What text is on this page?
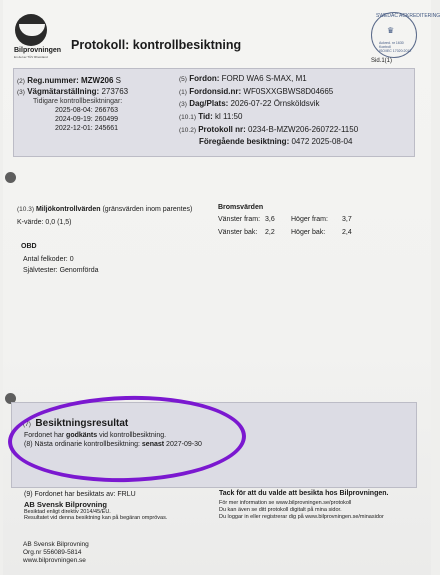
Bilprovningen
En del av TÜV Rheinland
Protokoll: kontrollbesiktning
SWEDAC ACKREDITERING
♛
Ackred. nr 1630
Kontroll
ISO/IEC 17020:2012
Sid.1(1)
(2) Reg.nummer: MZW206 S
(3) Vägmätarställning: 273763
Tidigare kontrollbesiktningar:
2025-08-04: 266763
2024-09-19: 260499
2022-12-01: 245661
(5) Fordon: FORD WA6 S-MAX, M1
(1) Fordonsid.nr: WF0SXXGBWS8D04665
(3) Dag/Plats: 2026-07-22 Örnsköldsvik
(10.1) Tid: kl 11:50
(10.2) Protokoll nr: 0234-B-MZW206-260722-1150
Föregående besiktning: 0472 2025-08-04
(10.3) Miljökontrollvärden (gränsvärden inom parentes)
K-värde: 0,0 (1,5)
Bromsvärden
Vänster fram: 3,6 Höger fram: 3,7
Vänster bak: 2,2 Höger bak: 2,4
OBD
Antal felkoder: 0
Självtester: Genomförda
(7) Besiktningsresultat
Fordonet har godkänts vid kontrollbesiktning.
(8) Nästa ordinarie kontrollbesiktning: senast 2027-09-30
(9) Fordonet har besiktats av: FRLU
AB Svensk Bilprovning
Besiktad enligt direktiv 2014/45/EU.
Resultatet vid denna besiktning kan på begäran omprövas.
Tack för att du valde att besikta hos Bilprovningen.
För mer information se www.bilprovningen.se/protokoll
Du kan även se ditt protokoll digitalt på mina sidor.
Du loggar in eller registrerar dig på www.bilprovningen.se/minasidor
AB Svensk Bilprovning
Org.nr 556089-5814
www.bilprovningen.se
